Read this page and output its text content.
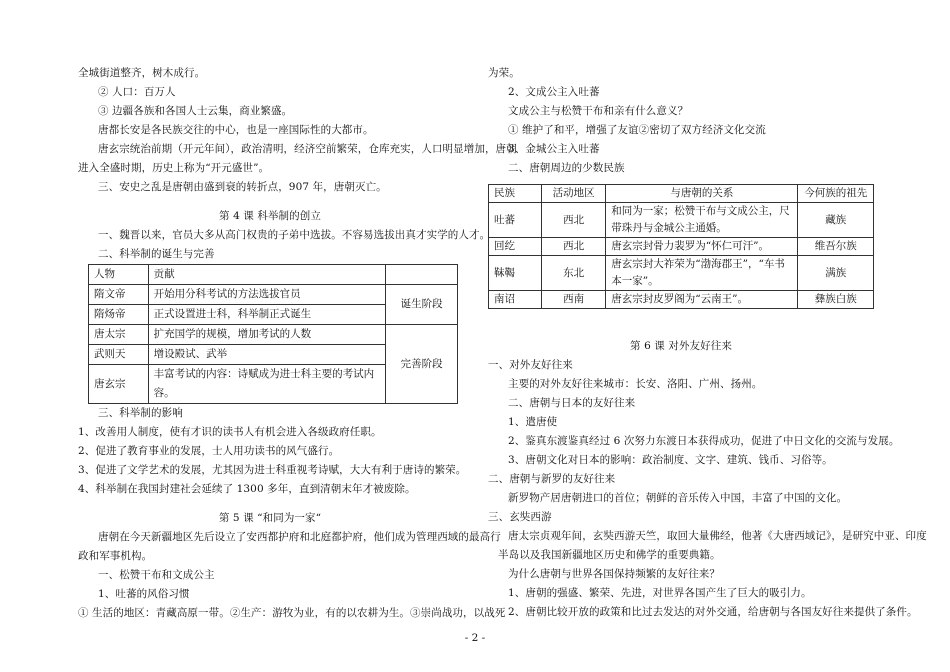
全城街道整齐，树木成行。
② 人口：百万人
③ 边疆各族和各国人士云集，商业繁盛。
唐都长安是各民族交往的中心，也是一座国际性的大都市。
唐玄宗统治前期（开元年间），政治清明，经济空前繁荣，仓库充实，人口明显增加，唐朝
进入全盛时期，历史上称为“开元盛世”。
三、安史之乱是唐朝由盛到衰的转折点，907 年，唐朝灭亡。
第 4 课 科举制的创立
一、魏晋以来，官员大多从高门权贵的子弟中选拔。不容易选拔出真才实学的人才。
二、科举制的诞生与完善
人物	贡献	
隋文帝	开始用分科考试的方法选拔官员	诞生阶段
隋炀帝	正式设置进士科，科举制正式诞生	
唐太宗	扩充国学的规模，增加考试的人数	完善阶段
武则天	增设殿试、武举	
唐玄宗	丰富考试的内容：诗赋成为进士科主要的考试内容。	
三、科举制的影响
1、改善用人制度，使有才识的读书人有机会进入各级政府任职。
2、促进了教育事业的发展，士人用功读书的风气盛行。
3、促进了文学艺术的发展，尤其因为进士科重视考诗赋，大大有利于唐诗的繁荣。
4、科举制在我国封建社会延续了 1300 多年，直到清朝末年才被废除。
第 5 课 “和同为一家“
唐朝在今天新疆地区先后设立了安西都护府和北庭都护府，他们成为管理西域的最高行
政和军事机构。
一、松赞干布和文成公主
1、吐蕃的风俗习惯
① 生活的地区：青藏高原一带。②生产：游牧为业，有的以农耕为生。③崇尚战功，以战死
为荣。
2、文成公主入吐蕃
文成公主与松赞干布和亲有什么意义？
① 维护了和平，增强了友谊②密切了双方经济文化交流
3、金城公主入吐蕃
二、唐朝周边的少数民族
民族	活动地区	与唐朝的关系	今何族的祖先
吐蕃	西北	和同为一家；松赞干布与文成公主，尺带珠丹与金城公主通婚。	藏族
回纥	西北	唐玄宗封骨力裴罗为“怀仁可汗”。	维吾尔族
靺鞨	东北	唐玄宗封大祚荣为“渤海郡王”，“车书本一家”。	满族
南诏	西南	唐玄宗封皮罗阁为“云南王”。	彝族白族
第 6 课 对外友好往来
一、对外友好往来
主要的对外友好往来城市：长安、洛阳、广州、扬州。
二、唐朝与日本的友好往来
1、遣唐使
2、鉴真东渡鉴真经过 6 次努力东渡日本获得成功，促进了中日文化的交流与发展。
3、唐朝文化对日本的影响：政治制度、文字、建筑、钱币、习俗等。
二、唐朝与新罗的友好往来
新罗物产居唐朝进口的首位；朝鲜的音乐传入中国，丰富了中国的文化。
三、玄奘西游
唐太宗贞观年间，玄奘西游天竺，取回大量佛经，他著《大唐西域记》，是研究中亚、印度
半岛以及我国新疆地区历史和佛学的重要典籍。
为什么唐朝与世界各国保持频繁的友好往来？
1、唐朝的强盛、繁荣、先进，对世界各国产生了巨大的吸引力。
2、唐朝比较开放的政策和比过去发达的对外交通，给唐朝与各国友好往来提供了条件。
- 2 -
